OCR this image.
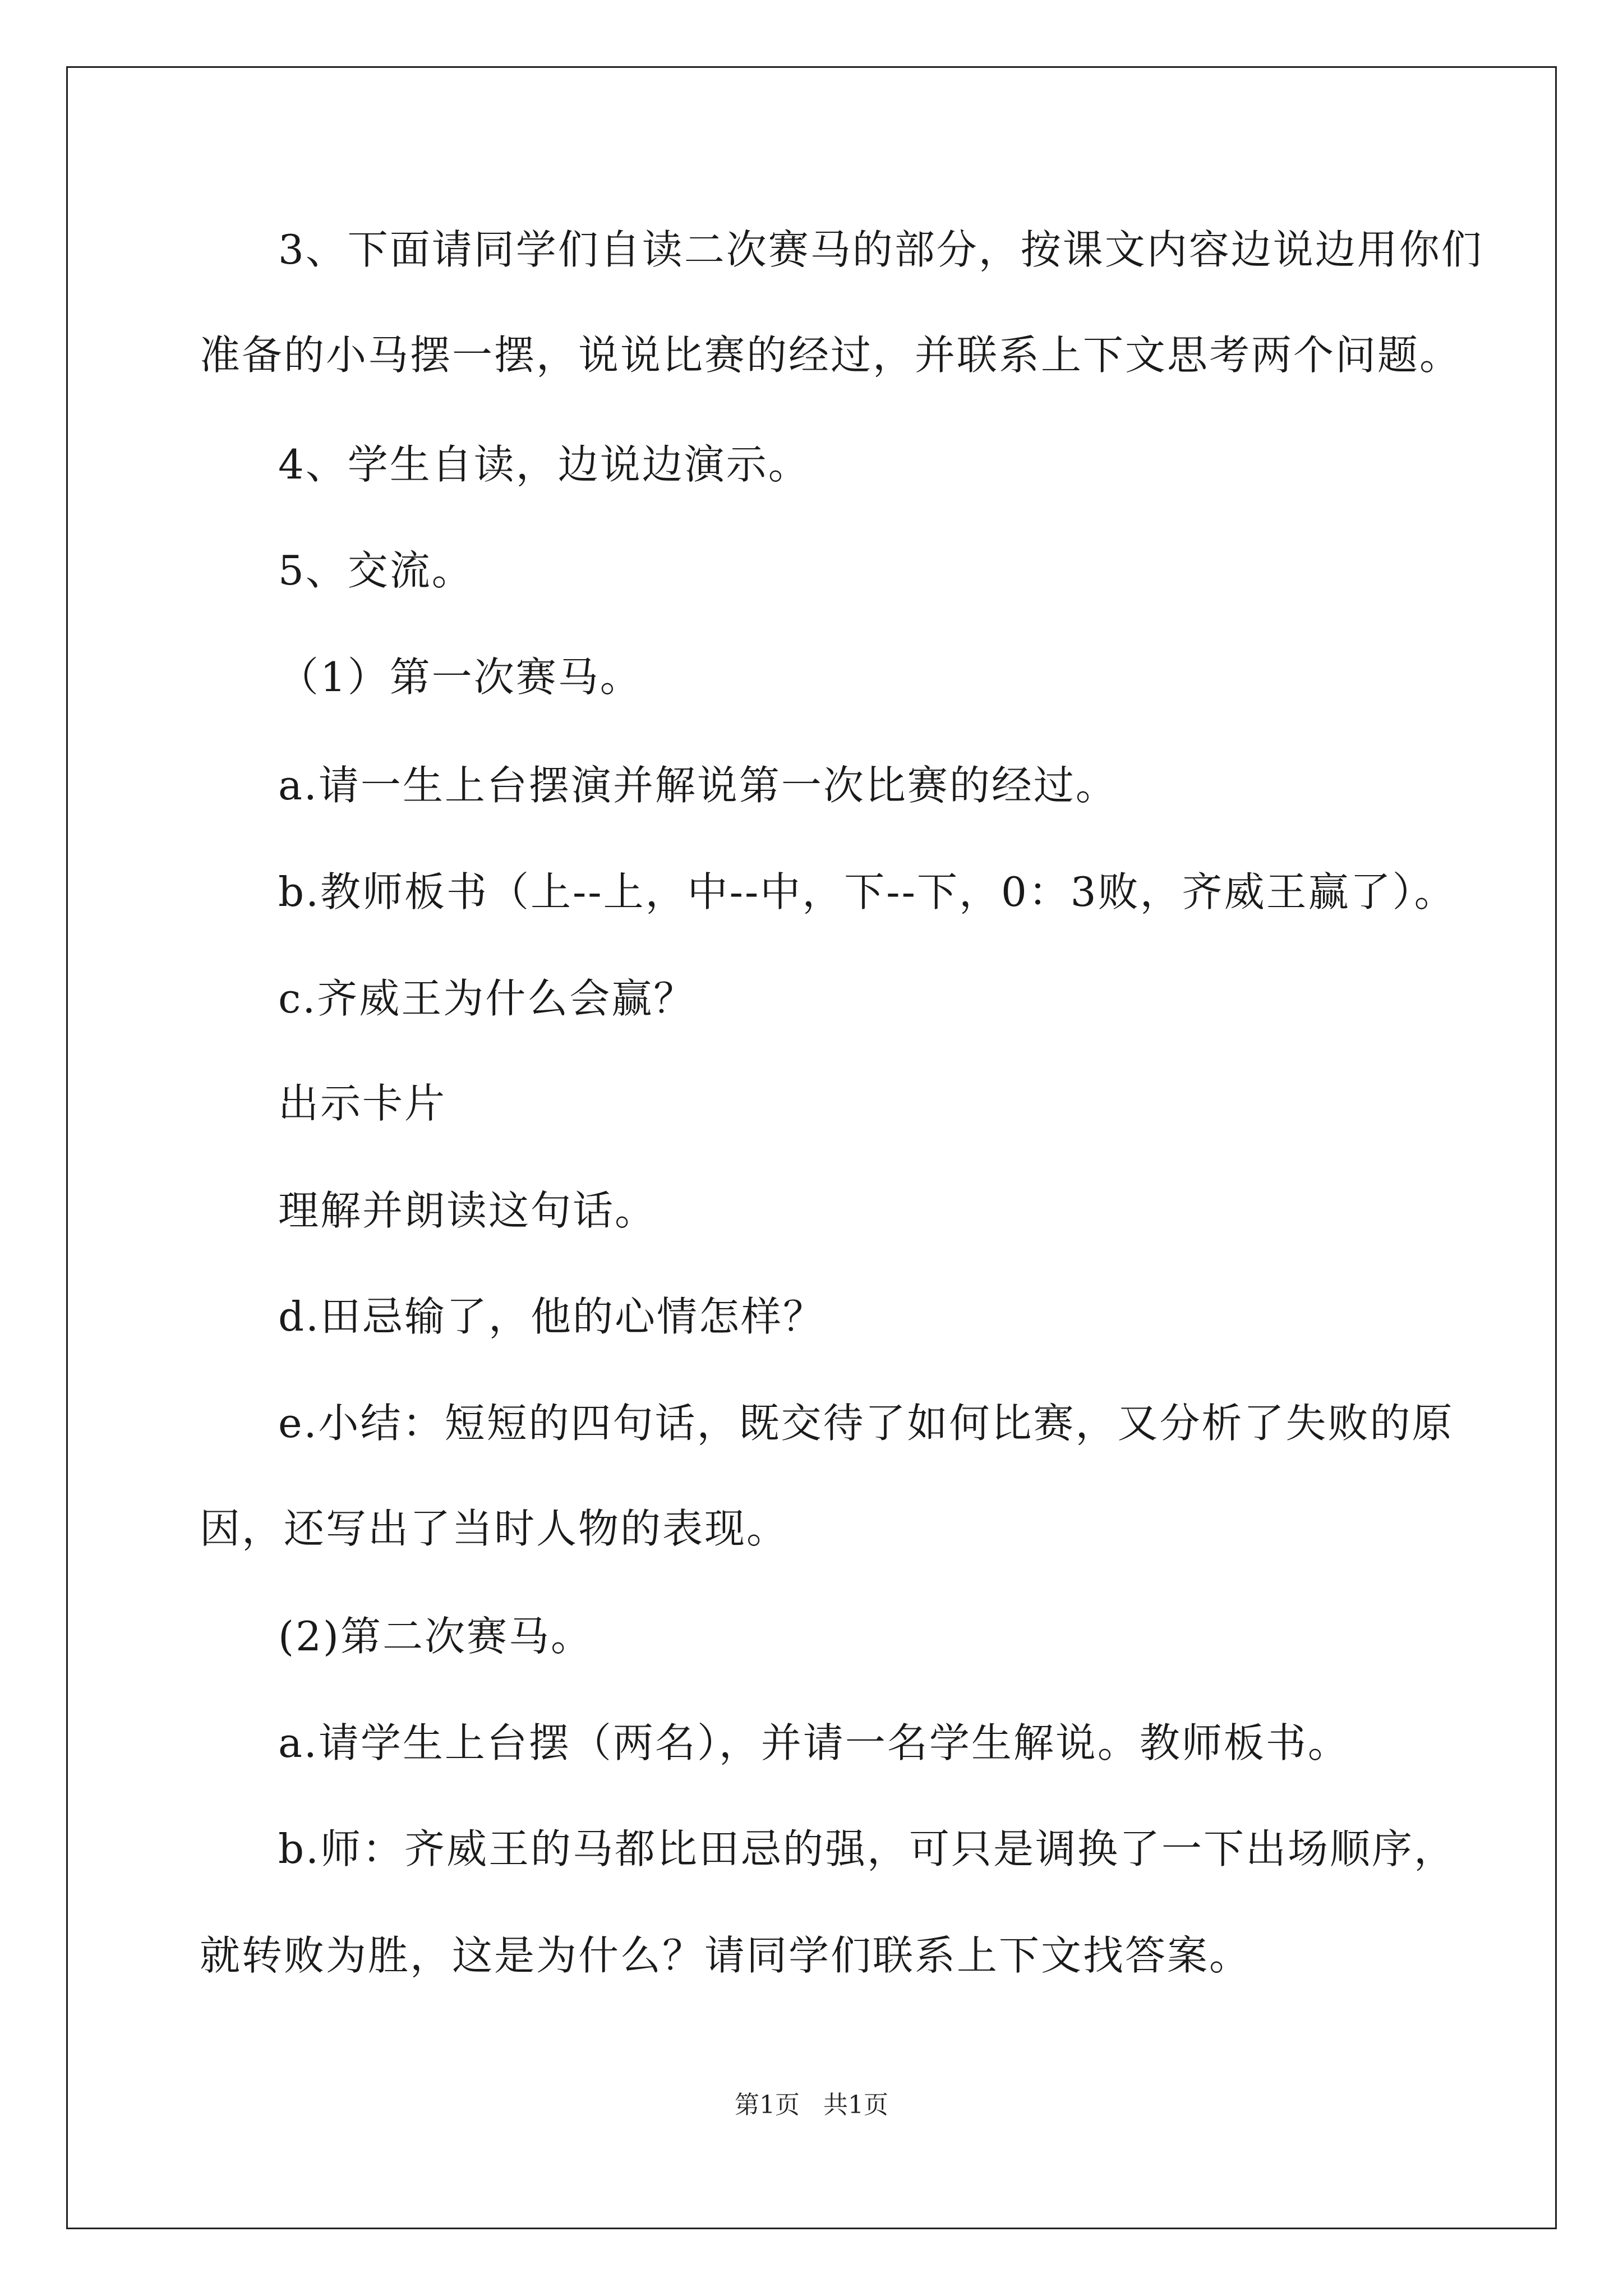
3、下面请同学们自读二次赛马的部分，按课文内容边说边用你们
准备的小马摆一摆，说说比赛的经过，并联系上下文思考两个问题。
4、学生自读，边说边演示。
5、交流。
（1）第一次赛马。
a.请一生上台摆演并解说第一次比赛的经过。
b.教师板书（上--上，中--中，下--下，0：3败，齐威王赢了）。
c.齐威王为什么会赢？
出示卡片
理解并朗读这句话。
d.田忌输了，他的心情怎样？
e.小结：短短的四句话，既交待了如何比赛，又分析了失败的原
因，还写出了当时人物的表现。
(2)第二次赛马。
a.请学生上台摆（两名），并请一名学生解说。教师板书。
b.师：齐威王的马都比田忌的强，可只是调换了一下出场顺序，
就转败为胜，这是为什么？请同学们联系上下文找答案。
第1页   共1页
